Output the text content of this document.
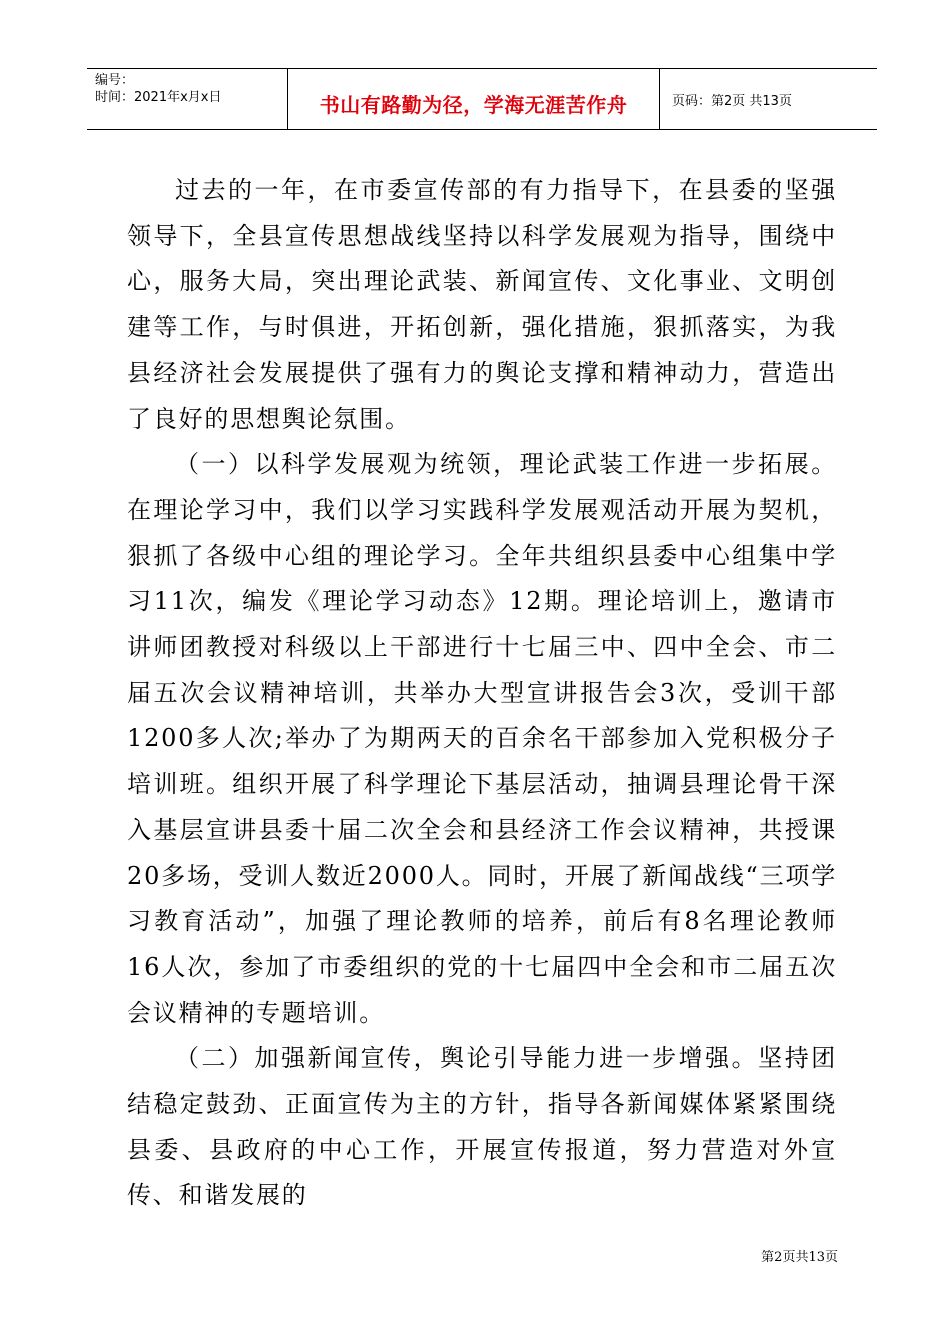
编号：
时间：2021年x月x日	书山有路勤为径，学海无涯苦作舟	页码：第2页 共13页

过去的一年，在市委宣传部的有力指导下，在县委的坚强领导下，全县宣传思想战线坚持以科学发展观为指导，围绕中心，服务大局，突出理论武装、新闻宣传、文化事业、文明创建等工作，与时俱进，开拓创新，强化措施，狠抓落实，为我县经济社会发展提供了强有力的舆论支撑和精神动力，营造出了良好的思想舆论氛围。

（一）以科学发展观为统领，理论武装工作进一步拓展。在理论学习中，我们以学习实践科学发展观活动开展为契机，狠抓了各级中心组的理论学习。全年共组织县委中心组集中学习11次，编发《理论学习动态》12期。理论培训上，邀请市讲师团教授对科级以上干部进行十七届三中、四中全会、市二届五次会议精神培训，共举办大型宣讲报告会3次，受训干部1200多人次;举办了为期两天的百余名干部参加入党积极分子培训班。组织开展了科学理论下基层活动，抽调县理论骨干深入基层宣讲县委十届二次全会和县经济工作会议精神，共授课20多场，受训人数近2000人。同时，开展了新闻战线“三项学习教育活动”，加强了理论教师的培养，前后有8名理论教师16人次，参加了市委组织的党的十七届四中全会和市二届五次会议精神的专题培训。

（二）加强新闻宣传，舆论引导能力进一步增强。坚持团结稳定鼓劲、正面宣传为主的方针，指导各新闻媒体紧紧围绕县委、县政府的中心工作，开展宣传报道，努力营造对外宣传、和谐发展的

第2页共13页
